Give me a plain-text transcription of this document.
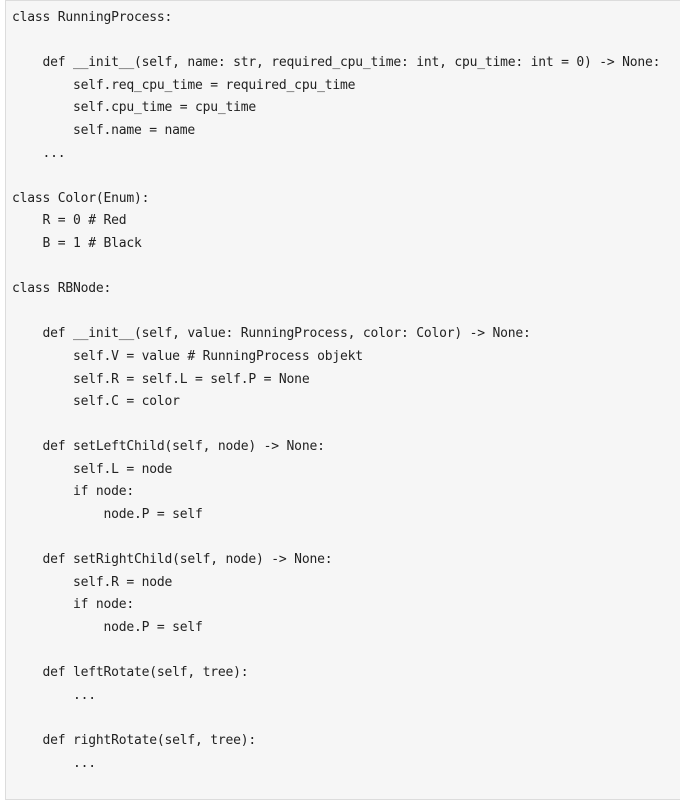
class RunningProcess:
def __init__(self, name: str, required_cpu_time: int, cpu_time: int = 0) -> None:
self.req_cpu_time = required_cpu_time
self.cpu_time = cpu_time
self.name = name
...
class Color(Enum):
R = 0 # Red
B = 1 # Black
class RBNode:
def __init__(self, value: RunningProcess, color: Color) -> None:
self.V = value # RunningProcess objekt
self.R = self.L = self.P = None
self.C = color
def setLeftChild(self, node) -> None:
self.L = node
if node:
node.P = self
def setRightChild(self, node) -> None:
self.R = node
if node:
node.P = self
def leftRotate(self, tree):
...
def rightRotate(self, tree):
...
